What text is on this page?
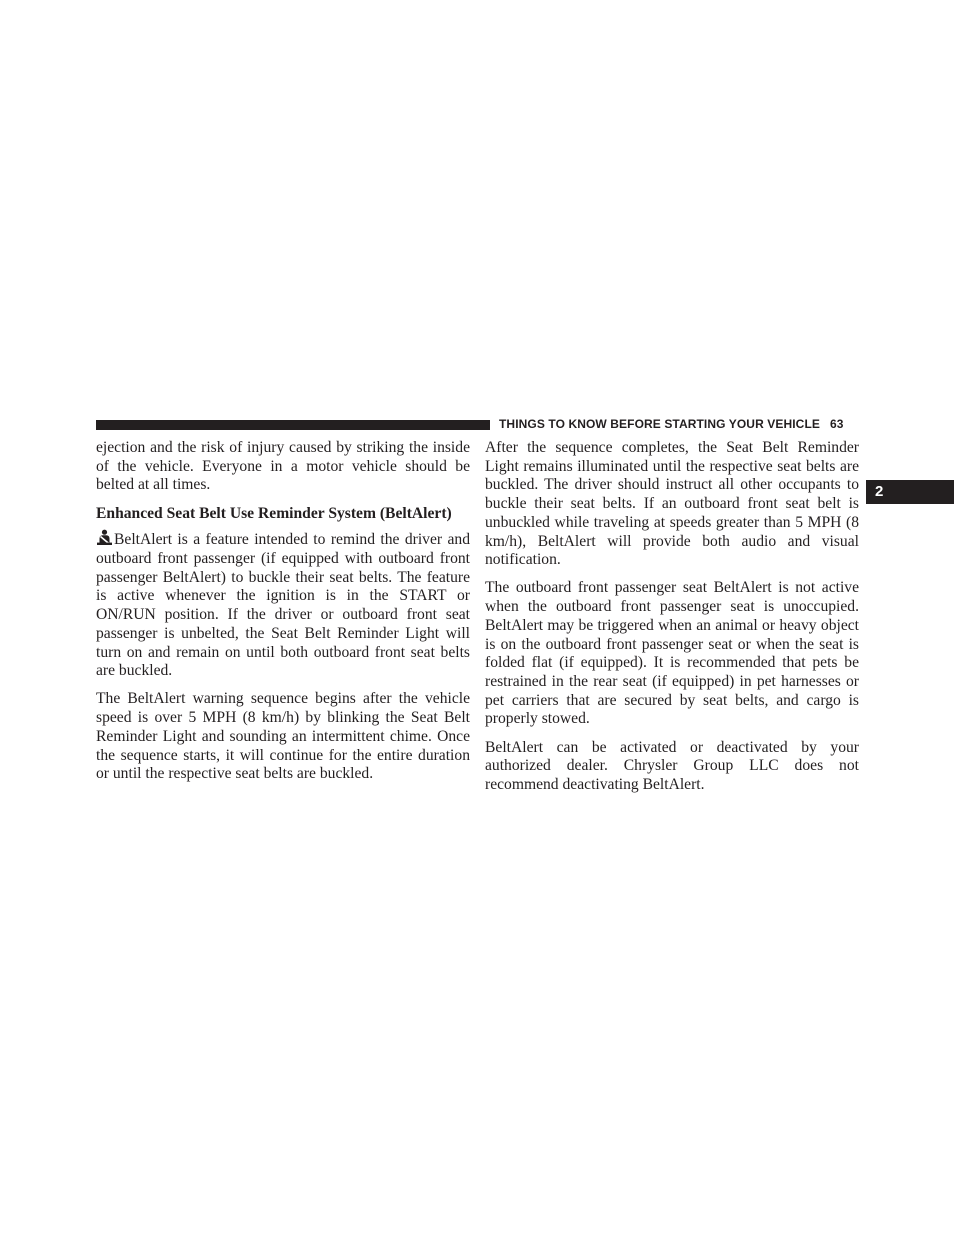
THINGS TO KNOW BEFORE STARTING YOUR VEHICLE 63
2

ejection and the risk of injury caused by striking the inside of the vehicle. Everyone in a motor vehicle should be belted at all times.

Enhanced Seat Belt Use Reminder System (BeltAlert)

BeltAlert is a feature intended to remind the driver and outboard front passenger (if equipped with outboard front passenger BeltAlert) to buckle their seat belts. The feature is active whenever the ignition is in the START or ON/RUN position. If the driver or outboard front seat passenger is unbelted, the Seat Belt Reminder Light will turn on and remain on until both outboard front seat belts are buckled.

The BeltAlert warning sequence begins after the vehicle speed is over 5 MPH (8 km/h) by blinking the Seat Belt Reminder Light and sounding an intermittent chime. Once the sequence starts, it will continue for the entire duration or until the respective seat belts are buckled.

After the sequence completes, the Seat Belt Reminder Light remains illuminated until the respective seat belts are buckled. The driver should instruct all other occupants to buckle their seat belts. If an outboard front seat belt is unbuckled while traveling at speeds greater than 5 MPH (8 km/h), BeltAlert will provide both audio and visual notification.

The outboard front passenger seat BeltAlert is not active when the outboard front passenger seat is unoccupied. BeltAlert may be triggered when an animal or heavy object is on the outboard front passenger seat or when the seat is folded flat (if equipped). It is recommended that pets be restrained in the rear seat (if equipped) in pet harnesses or pet carriers that are secured by seat belts, and cargo is properly stowed.

BeltAlert can be activated or deactivated by your authorized dealer. Chrysler Group LLC does not recommend deactivating BeltAlert.
